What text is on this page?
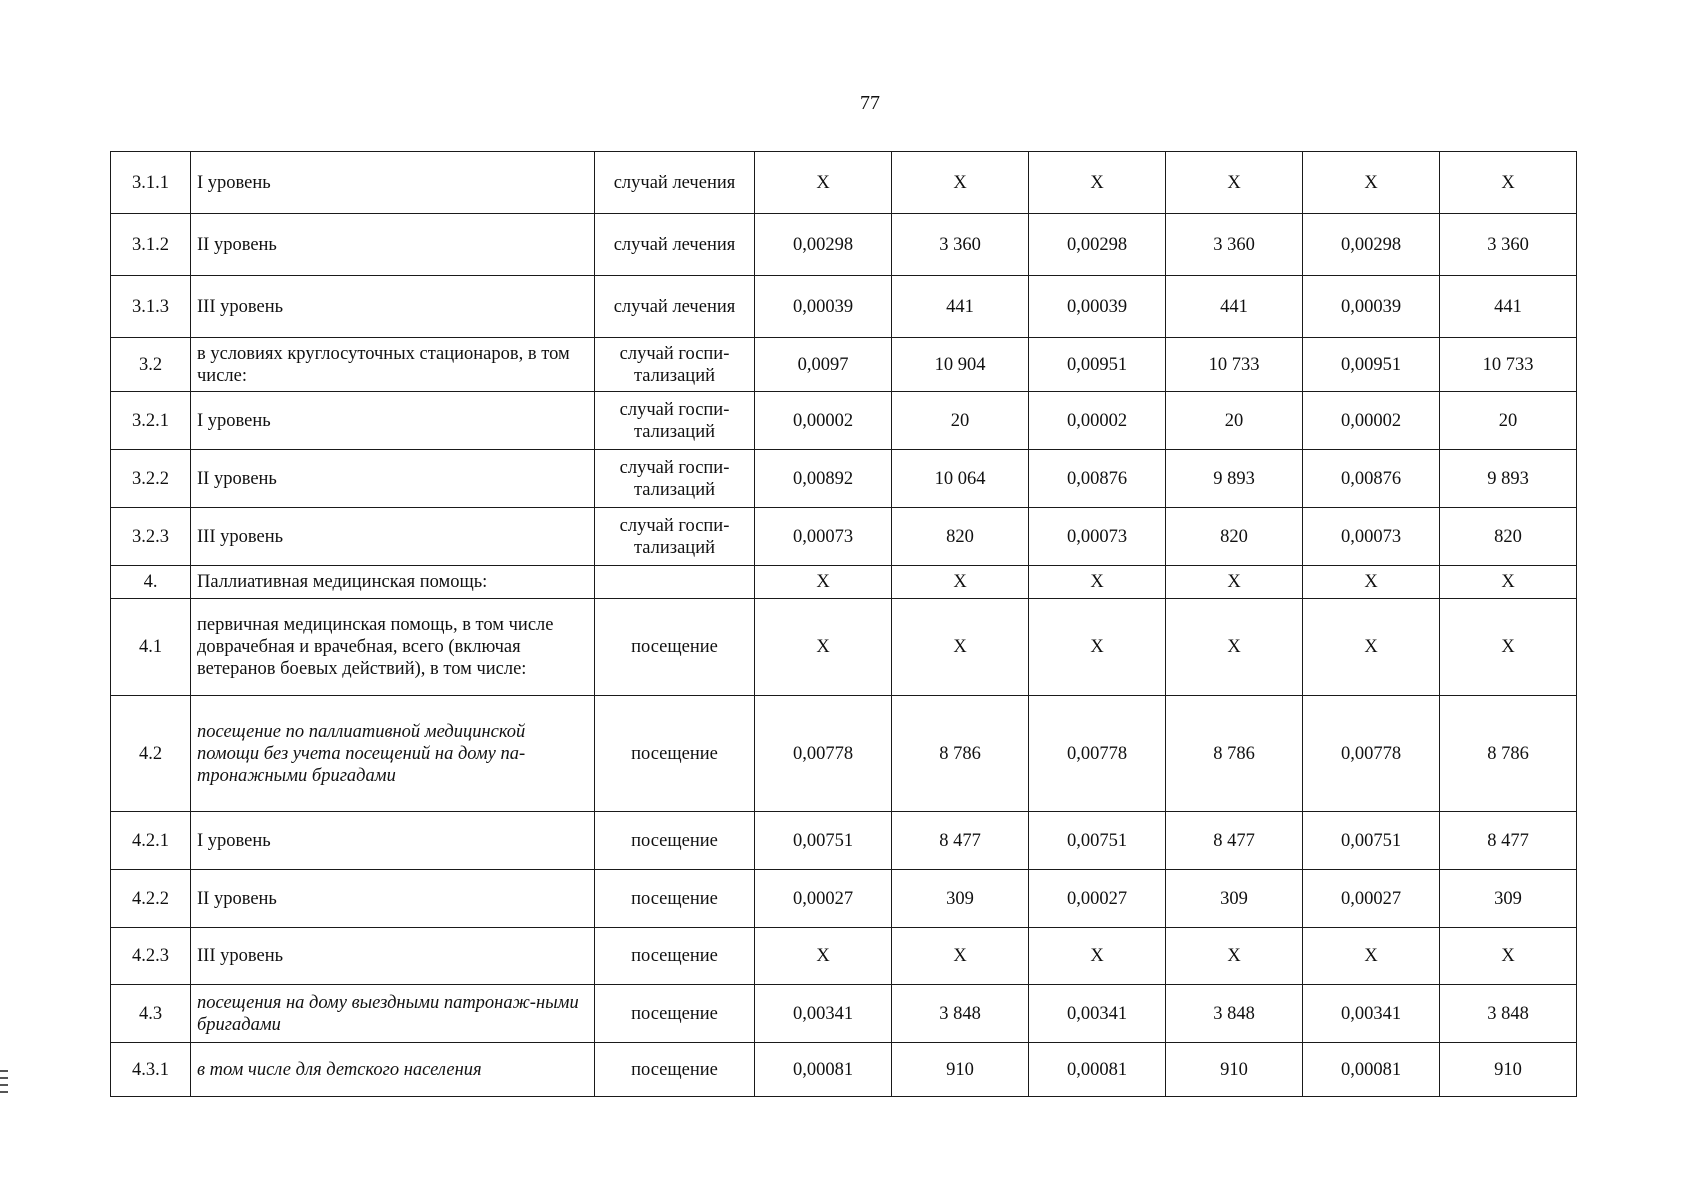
77
3.1.1	I уровень	случай лечения	Х	Х	Х	Х	Х	Х
3.1.2	II уровень	случай лечения	0,00298	3 360	0,00298	3 360	0,00298	3 360
3.1.3	III уровень	случай лечения	0,00039	441	0,00039	441	0,00039	441
3.2	в условиях круглосуточных стационаров, в том числе:	случай госпи-тализаций	0,0097	10 904	0,00951	10 733	0,00951	10 733
3.2.1	I уровень	случай госпи-тализаций	0,00002	20	0,00002	20	0,00002	20
3.2.2	II уровень	случай госпи-тализаций	0,00892	10 064	0,00876	9 893	0,00876	9 893
3.2.3	III уровень	случай госпи-тализаций	0,00073	820	0,00073	820	0,00073	820
4.	Паллиативная медицинская помощь:		Х	Х	Х	Х	Х	Х
4.1	первичная медицинская помощь, в том числе доврачебная и врачебная, всего (включая ветеранов боевых действий), в том числе:	посещение	Х	Х	Х	Х	Х	Х
4.2	посещение по паллиативной медицинской помощи без учета посещений на дому па-тронажными бригадами	посещение	0,00778	8 786	0,00778	8 786	0,00778	8 786
4.2.1	I уровень	посещение	0,00751	8 477	0,00751	8 477	0,00751	8 477
4.2.2	II уровень	посещение	0,00027	309	0,00027	309	0,00027	309
4.2.3	III уровень	посещение	Х	Х	Х	Х	Х	Х
4.3	посещения на дому выездными патронаж-ными бригадами	посещение	0,00341	3 848	0,00341	3 848	0,00341	3 848
4.3.1	в том числе для детского населения	посещение	0,00081	910	0,00081	910	0,00081	910
